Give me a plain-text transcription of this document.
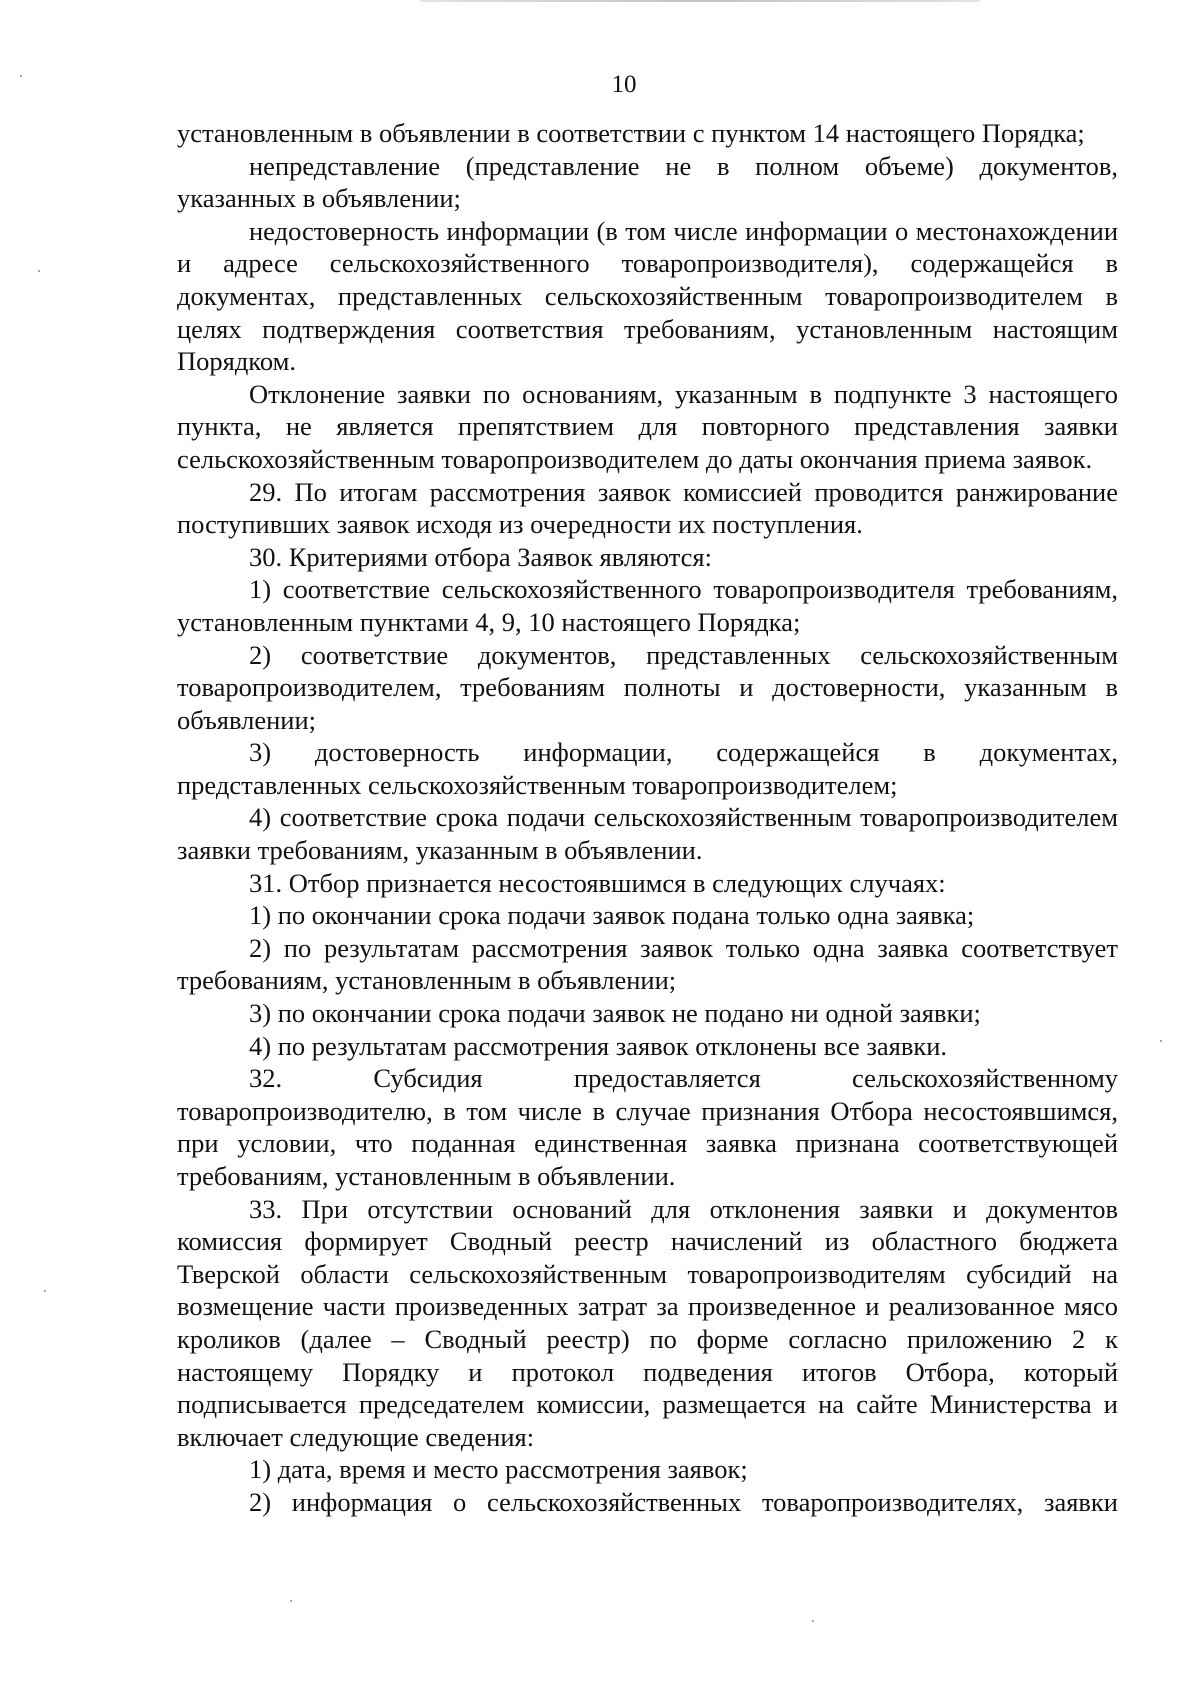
10

установленным в объявлении в соответствии с пунктом 14 настоящего Порядка;

непредставление (представление не в полном объеме) документов, указанных в объявлении;

недостоверность информации (в том числе информации о местонахождении и адресе сельскохозяйственного товаропроизводителя), содержащейся в документах, представленных сельскохозяйственным товаропроизводителем в целях подтверждения соответствия требованиям, установленным настоящим Порядком.

Отклонение заявки по основаниям, указанным в подпункте 3 настоящего пункта, не является препятствием для повторного представления заявки сельскохозяйственным товаропроизводителем до даты окончания приема заявок.

29. По итогам рассмотрения заявок комиссией проводится ранжирование поступивших заявок исходя из очередности их поступления.

30. Критериями отбора Заявок являются:

1) соответствие сельскохозяйственного товаропроизводителя требованиям, установленным пунктами 4, 9, 10 настоящего Порядка;

2) соответствие документов, представленных сельскохозяйственным товаропроизводителем, требованиям полноты и достоверности, указанным в объявлении;

3) достоверность информации, содержащейся в документах, представленных сельскохозяйственным товаропроизводителем;

4) соответствие срока подачи сельскохозяйственным товаропроизводителем заявки требованиям, указанным в объявлении.

31. Отбор признается несостоявшимся в следующих случаях:

1) по окончании срока подачи заявок подана только одна заявка;

2) по результатам рассмотрения заявок только одна заявка соответствует требованиям, установленным в объявлении;

3) по окончании срока подачи заявок не подано ни одной заявки;

4) по результатам рассмотрения заявок отклонены все заявки.

32. Субсидия предоставляется сельскохозяйственному товаропроизводителю, в том числе в случае признания Отбора несостоявшимся, при условии, что поданная единственная заявка признана соответствующей требованиям, установленным в объявлении.

33. При отсутствии оснований для отклонения заявки и документов комиссия формирует Сводный реестр начислений из областного бюджета Тверской области сельскохозяйственным товаропроизводителям субсидий на возмещение части произведенных затрат за произведенное и реализованное мясо кроликов (далее – Сводный реестр) по форме согласно приложению 2 к настоящему Порядку и протокол подведения итогов Отбора, который подписывается председателем комиссии, размещается на сайте Министерства и включает следующие сведения:

1) дата, время и место рассмотрения заявок;

2) информация о сельскохозяйственных товаропроизводителях, заявки
